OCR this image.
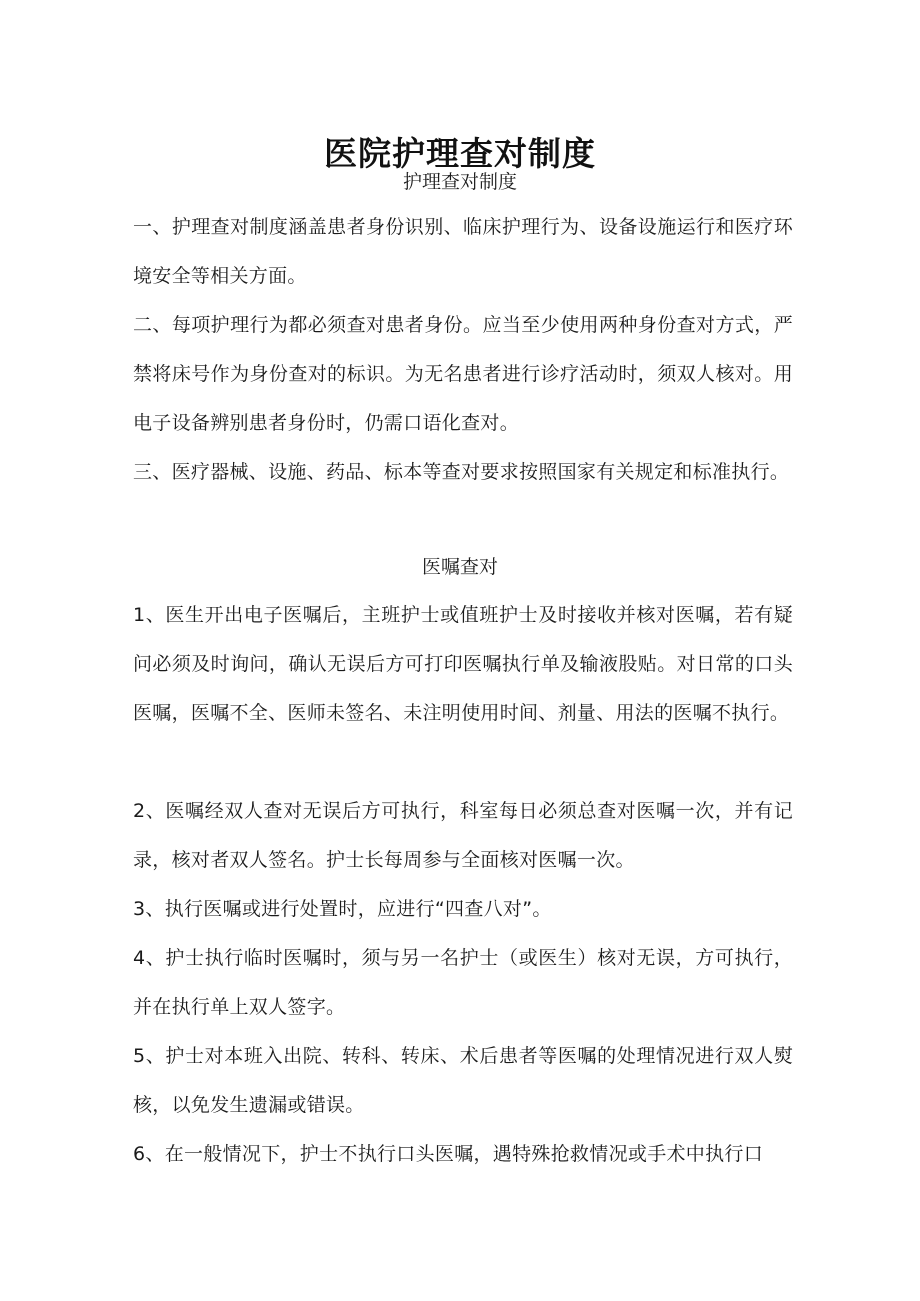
医院护理查对制度
护理查对制度

一、护理查对制度涵盖患者身份识别、临床护理行为、设备设施运行和医疗环境安全等相关方面。

二、每项护理行为都必须查对患者身份。应当至少使用两种身份查对方式，严禁将床号作为身份查对的标识。为无名患者进行诊疗活动时，须双人核对。用电子设备辨别患者身份时，仍需口语化查对。

三、医疗器械、设施、药品、标本等查对要求按照国家有关规定和标准执行。

医嘱查对

1、医生开出电子医嘱后，主班护士或值班护士及时接收并核对医嘱，若有疑问必须及时询问，确认无误后方可打印医嘱执行单及输液股贴。对日常的口头医嘱，医嘱不全、医师未签名、未注明使用时间、剂量、用法的医嘱不执行。

2、医嘱经双人查对无误后方可执行，科室每日必须总查对医嘱一次，并有记录，核对者双人签名。护士长每周参与全面核对医嘱一次。

3、执行医嘱或进行处置时，应进行“四查八对”。

4、护士执行临时医嘱时，须与另一名护士（或医生）核对无误，方可执行，并在执行单上双人签字。

5、护士对本班入出院、转科、转床、术后患者等医嘱的处理情况进行双人熨核，以免发生遗漏或错误。

6、在一般情况下，护士不执行口头医嘱，遇特殊抢救情况或手术中执行口
